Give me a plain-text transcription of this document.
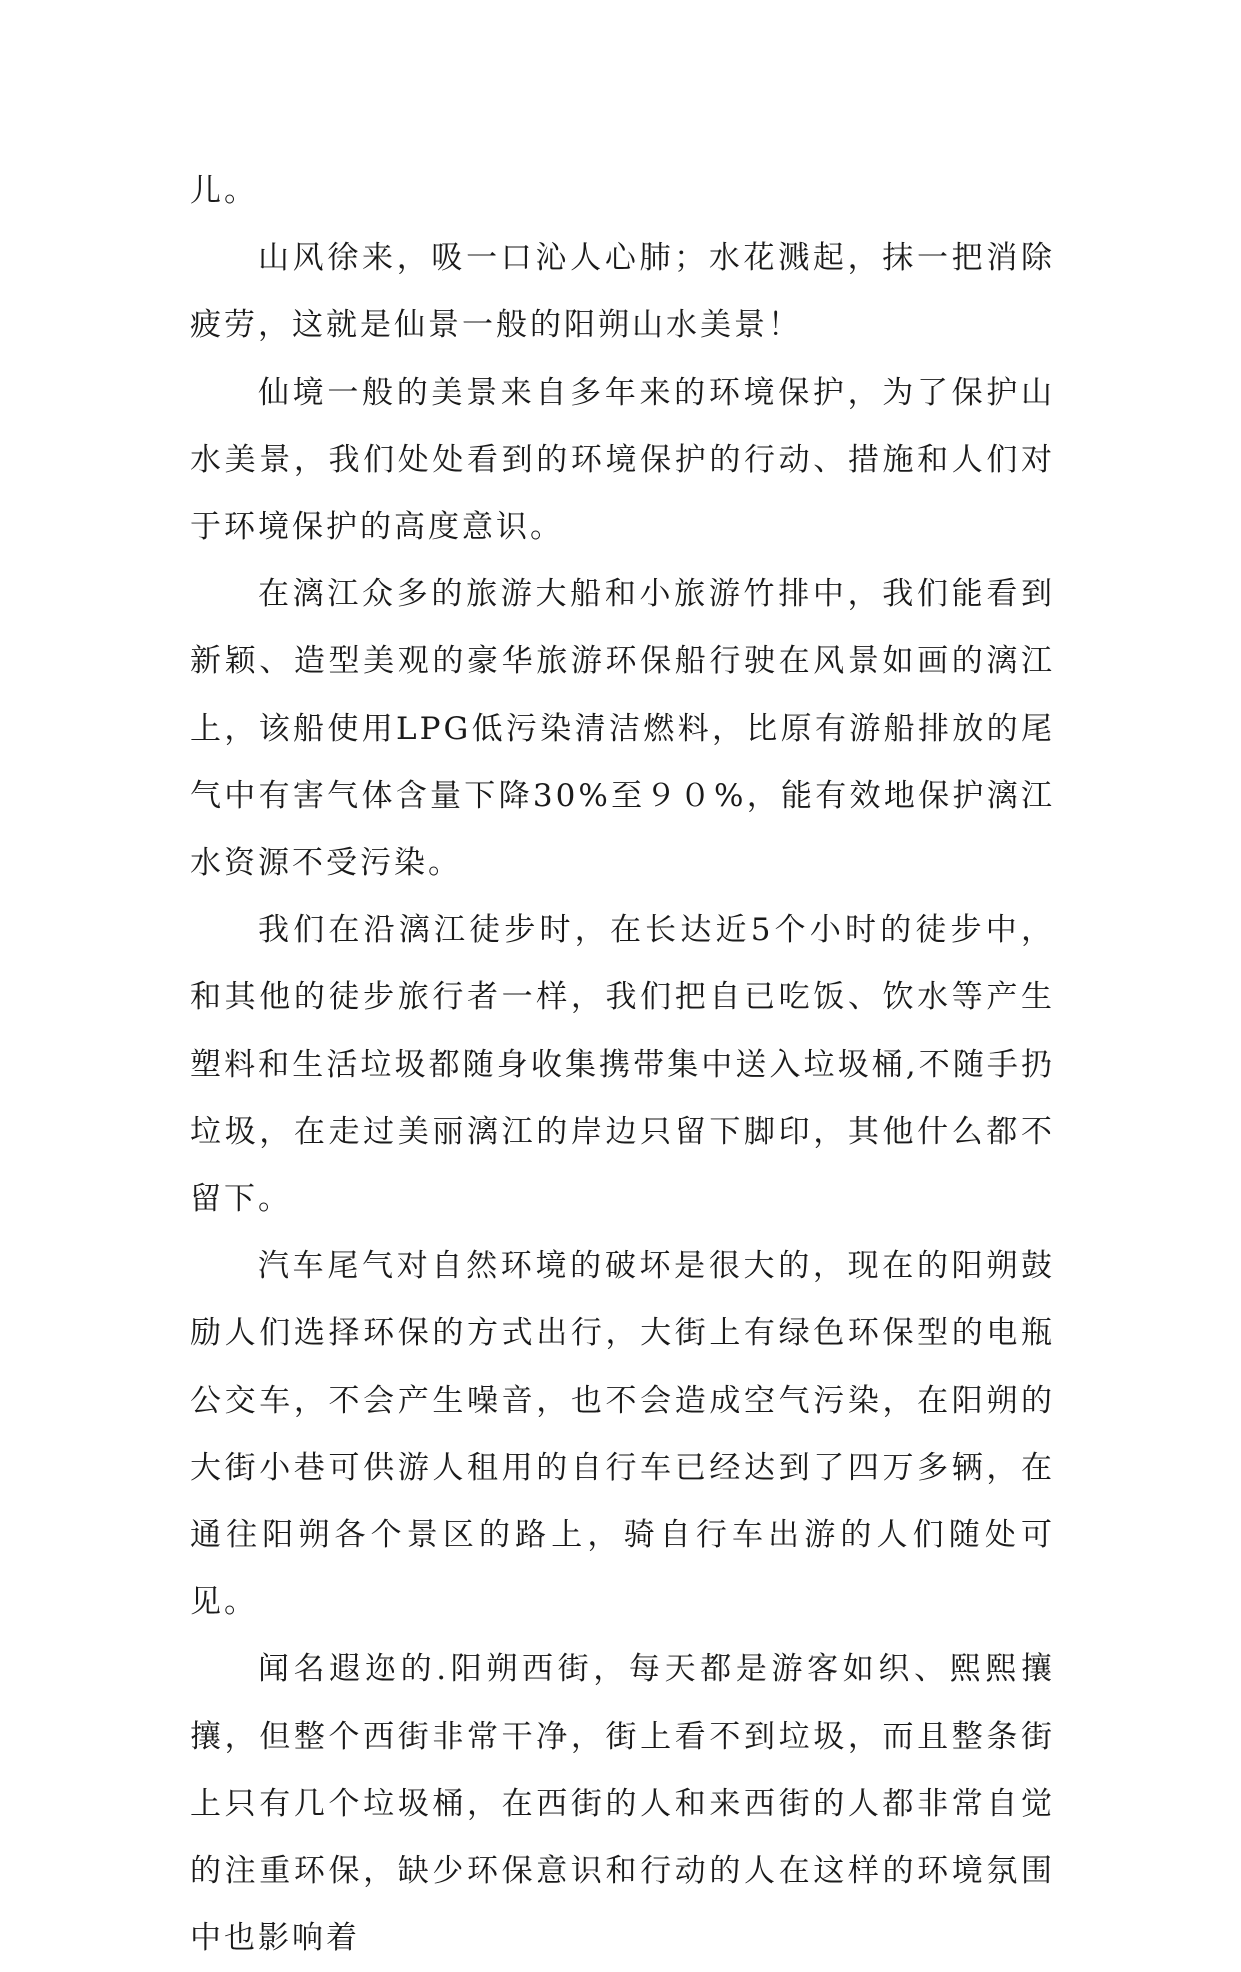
儿。

山风徐来，吸一口沁人心肺；水花溅起，抹一把消除疲劳，这就是仙景一般的阳朔山水美景！

仙境一般的美景来自多年来的环境保护，为了保护山水美景，我们处处看到的环境保护的行动、措施和人们对于环境保护的高度意识。

在漓江众多的旅游大船和小旅游竹排中，我们能看到新颖、造型美观的豪华旅游环保船行驶在风景如画的漓江上，该船使用LPG低污染清洁燃料，比原有游船排放的尾气中有害气体含量下降30%至９０%，能有效地保护漓江水资源不受污染。

我们在沿漓江徒步时，在长达近5个小时的徒步中，和其他的徒步旅行者一样，我们把自已吃饭、饮水等产生塑料和生活垃圾都随身收集携带集中送入垃圾桶,不随手扔垃圾，在走过美丽漓江的岸边只留下脚印，其他什么都不留下。

汽车尾气对自然环境的破坏是很大的，现在的阳朔鼓励人们选择环保的方式出行，大街上有绿色环保型的电瓶公交车，不会产生噪音，也不会造成空气污染，在阳朔的大街小巷可供游人租用的自行车已经达到了四万多辆，在通往阳朔各个景区的路上，骑自行车出游的人们随处可见。

闻名遐迩的.阳朔西街，每天都是游客如织、熙熙攘攘，但整个西街非常干净，街上看不到垃圾，而且整条街上只有几个垃圾桶，在西街的人和来西街的人都非常自觉的注重环保，缺少环保意识和行动的人在这样的环境氛围中也影响着
